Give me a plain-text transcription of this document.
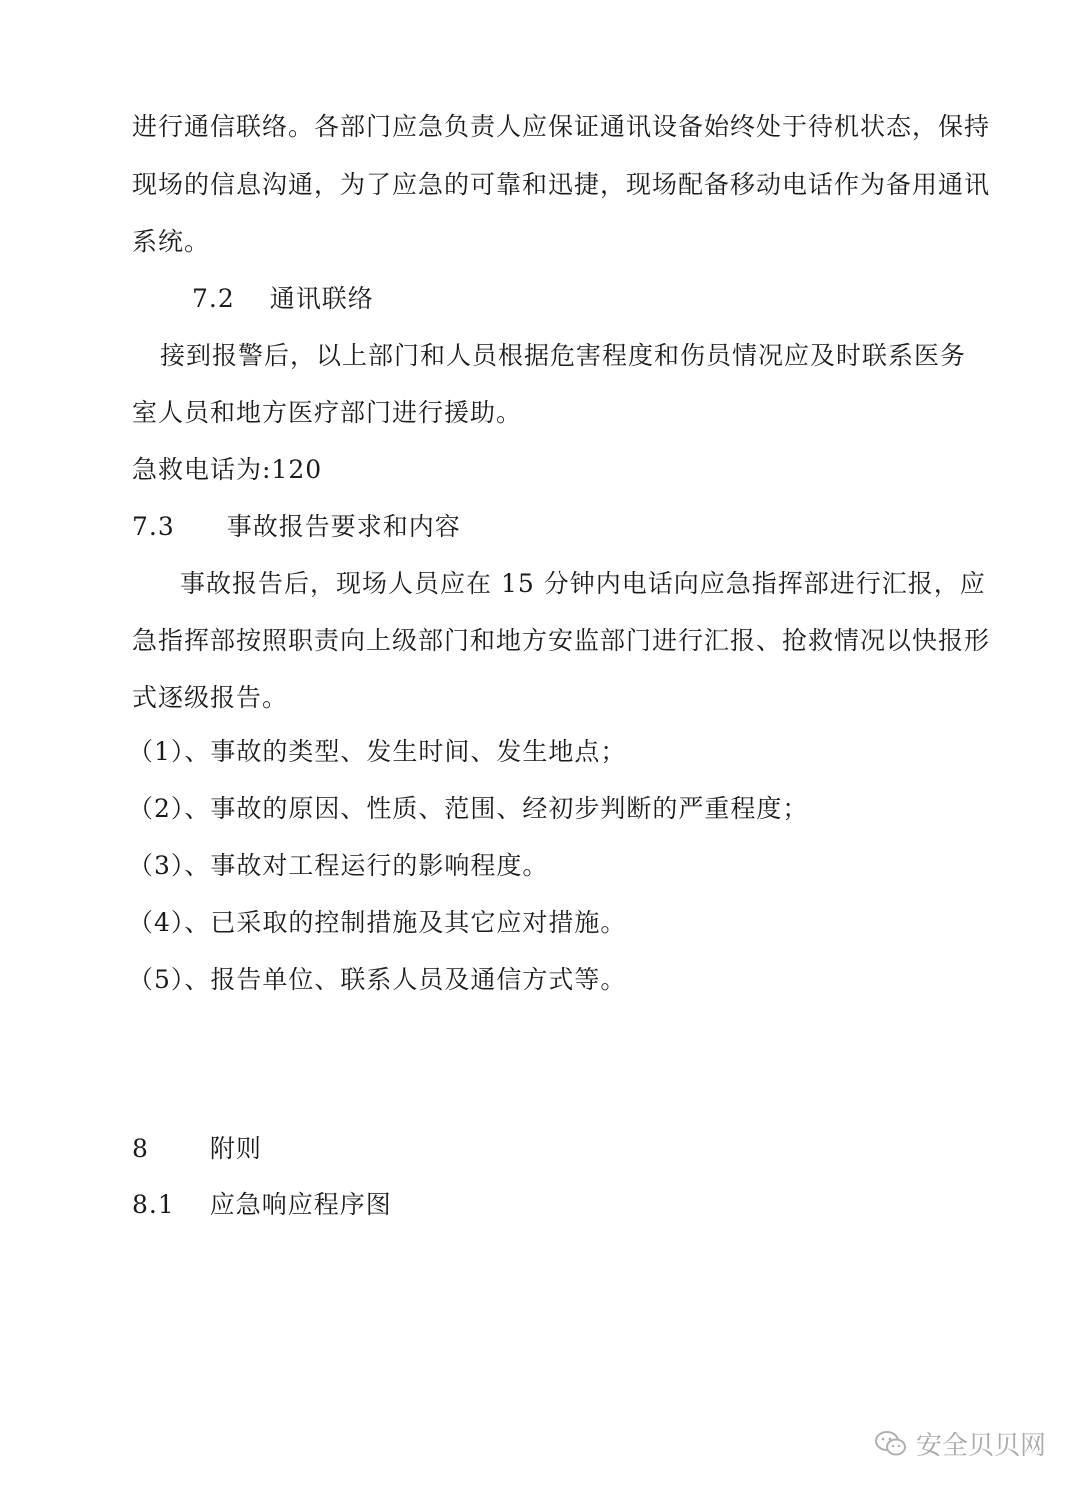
进行通信联络。各部门应急负责人应保证通讯设备始终处于待机状态，保持
现场的信息沟通，为了应急的可靠和迅捷，现场配备移动电话作为备用通讯
系统。
7.2　 通讯联络
接到报警后，以上部门和人员根据危害程度和伤员情况应及时联系医务
室人员和地方医疗部门进行援助。
急救电话为:120
7.3　　事故报告要求和内容
　事故报告后，现场人员应在 15 分钟内电话向应急指挥部进行汇报，应
急指挥部按照职责向上级部门和地方安监部门进行汇报、抢救情况以快报形
式逐级报告。
（1）、事故的类型、发生时间、发生地点；
（2）、事故的原因、性质、范围、经初步判断的严重程度；
（3）、事故对工程运行的影响程度。
（4）、已采取的控制措施及其它应对措施。
（5）、报告单位、联系人员及通信方式等。
8　　 附则
8.1　 应急响应程序图
安全贝贝网
